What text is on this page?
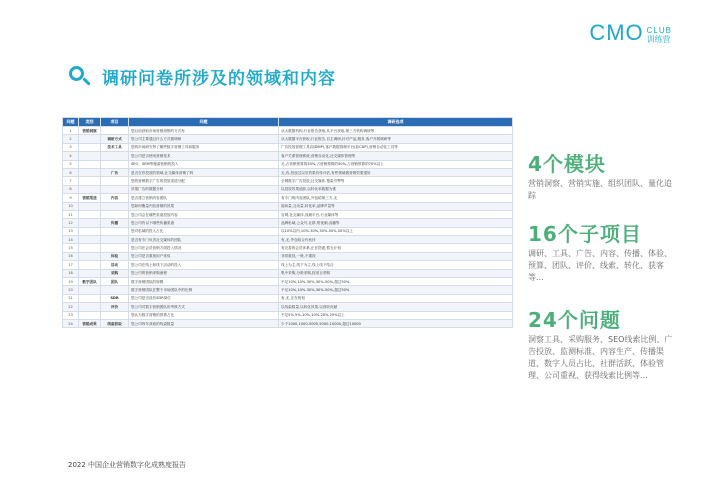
CMO CLUB
训练营
调研问卷所涉及的领域和内容
问题	类别	项目	问题	调研选项
1	营销洞察		您目前获取市场营销洞察的方式有	从大数据机构,行业报告获取,从平台获取,第三方机构调研等
2		调研方式	您公司主要通过什么方式做调研	从大数据平台获取,行业报告,自主调研,针对产品,服务,客户开展调研等
3		技术工具	您的市场研究每了哪些数字营销工具和服务	广告投放管理工具(如DMP),客户数据管理平台(如CDP),营销自动化工具等
4			您公司是否使用营销技术	客户关系管理系统,营销自动化,社交媒体管理等
5			SEO、SEM等搜索营销的投入	无,占营销预算的30%,占营销预算的50%,占营销预算的70%以上
6		广告	是否在你投放的领域,社交媒体营销了吗	无,有,投放过以后效果有待评估,有些领域做营销效果很好
7			您的营销数字广告的投放渠道分配	全网数字广告投放,社交媒体,搜索引擎等
8			效果广告的数据分析	以投放效果追踪,以转化率数据为准
9	营销渠道	内容	是否建立营销内容团队	有专门的内容团队,外包给第三方,无
10			您如何衡量内容营销的效果	阅读量,互动量,转化率,品牌声量等
11			您公司会在哪些渠道投放内容	官网,社交媒体,视频平台,行业媒体等
12		传播	您公司有以下哪些传播渠道	品牌私域,公众号,社群,短视频,直播等
13			您对私域的投入占比	以10%以内,10%-30%,30%-50%,50%以上
14			是否有专门负责社交媒体的团队	有,无,外包给合作伙伴
15			您公司在会员营销方面投入情况	有完善的会员体系,正在搭建,暂无计划
16		体验	您公司是否重视用户体验	非常重视,一般,不重视
17		活动	您公司在线上和线下活动的投入	线上为主,线下为主,线上线下结合
18		采购	您公司的营销采购流程	集中采购,分散采购,按项目采购
19	数字团队	团队	数字营销团队的规模	不足10%,10%-30%,30%-50%,超过50%
20			数字营销团队在整个市场团队中的比例	不足10%,10%-30%,30%-50%,超过50%
21		SDR	您公司是否设有SDR岗位	有,无,正在规划
22		评价	您公司对数字营销团队的考核方式	以线索数量,以转化效果,以营收贡献
23			您认为数字营销的预算占比	不足5%,5%-10%,10%-20%,20%以上
24	营销成果	线索获取	您公司每年获取的线索数量	少于1000,1000-5000,5000-10000,超过10000
4个模块
营销洞察、营销实施、组织团队、量化追踪
16个子项目
调研、工具、广告、内容、传播、体验、预算、团队、评价、线索、转化、获客等...
24个问题
洞察工具、采购服务、SEO线索比例、广告投放、监测标准、内容生产、传播渠道、数字人员占比、社群活跃、体验管理、公司重视、获得线索比例等...
2022 中国企业营销数字化成熟度报告
